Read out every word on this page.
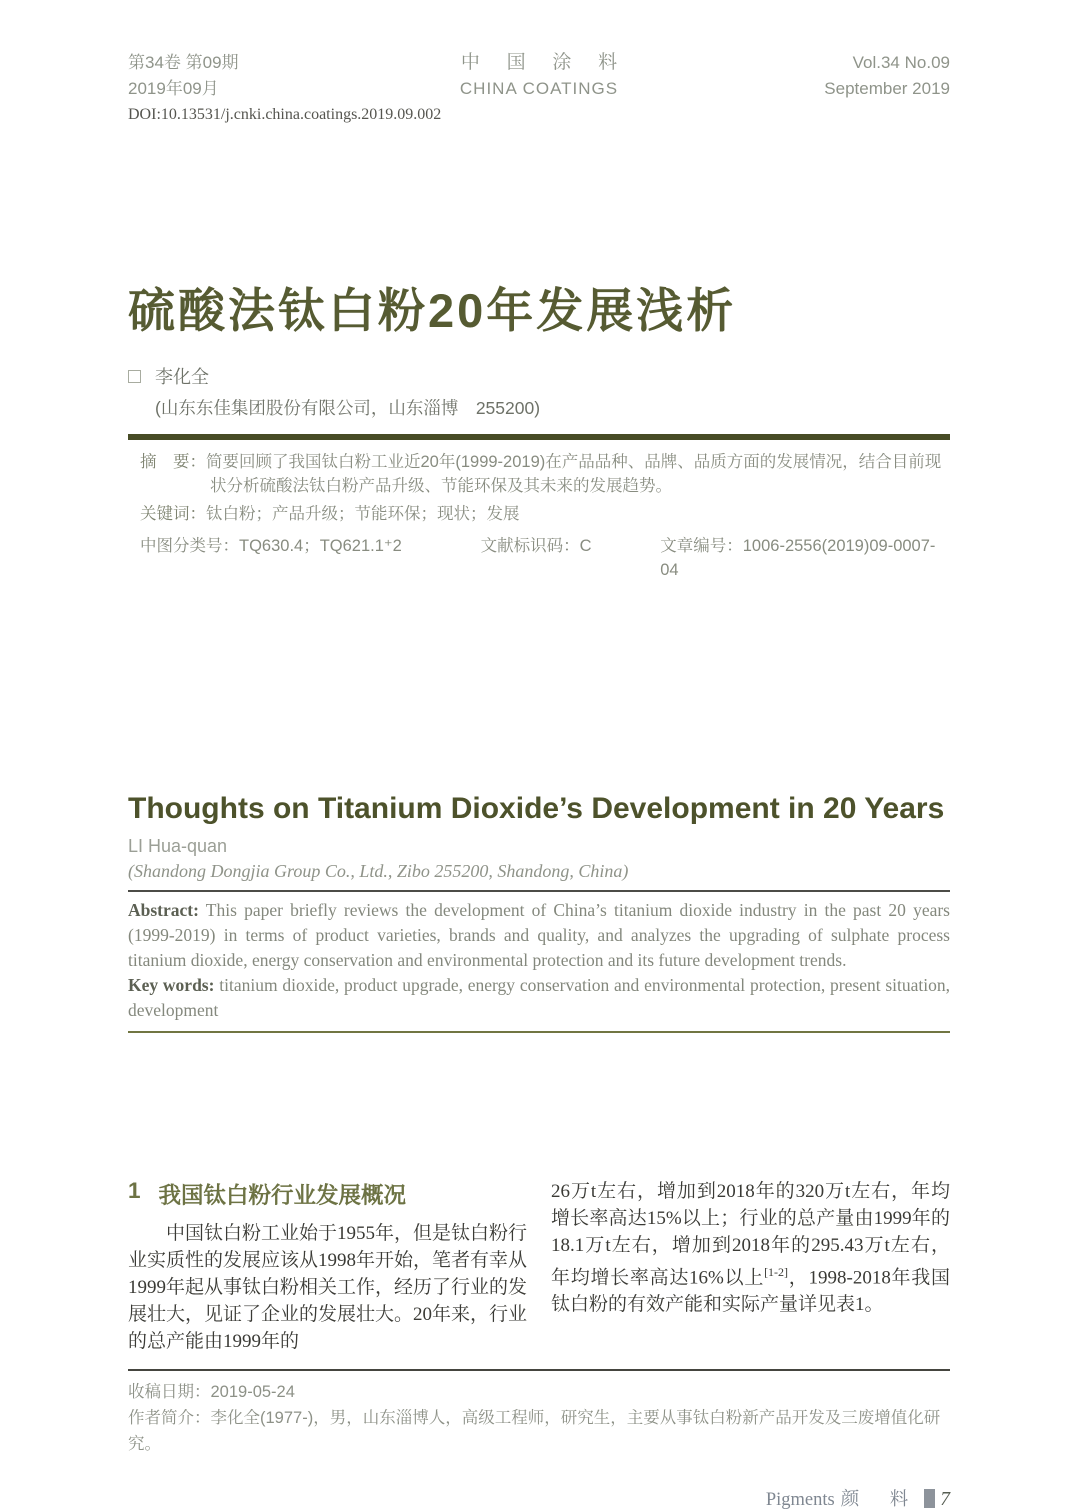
第34卷 第09期
2019年09月
中 国 涂 料
CHINA COATINGS
Vol.34 No.09
September 2019
DOI:10.13531/j.cnki.china.coatings.2019.09.002
硫酸法钛白粉20年发展浅析
李化全
(山东东佳集团股份有限公司，山东淄博　255200)
摘　要：简要回顾了我国钛白粉工业近20年(1999-2019)在产品品种、品牌、品质方面的发展情况，结合目前现状分析硫酸法钛白粉产品升级、节能环保及其未来的发展趋势。
关键词：钛白粉；产品升级；节能环保；现状；发展
中图分类号：TQ630.4；TQ621.1⁺2	文献标识码：C	文章编号：1006-2556(2019)09-0007-04
Thoughts on Titanium Dioxide’s Development in 20 Years
LI Hua-quan
(Shandong Dongjia Group Co., Ltd., Zibo 255200, Shandong, China)

Abstract: This paper briefly reviews the development of China’s titanium dioxide industry in the past 20 years (1999-2019) in terms of product varieties, brands and quality, and analyzes the upgrading of sulphate process titanium dioxide, energy conservation and environmental protection and its future development trends.

Key words: titanium dioxide, product upgrade, energy conservation and environmental protection, present situation, development

1 我国钛白粉行业发展概况

中国钛白粉工业始于1955年，但是钛白粉行业实质性的发展应该从1998年开始，笔者有幸从1999年起从事钛白粉相关工作，经历了行业的发展壮大，见证了企业的发展壮大。20年来，行业的总产能由1999年的

26万t左右，增加到2018年的320万t左右，年均增长率高达15%以上；行业的总产量由1999年的18.1万t左右，增加到2018年的295.43万t左右，年均增长率高达16%以上[1-2]，1998-2018年我国钛白粉的有效产能和实际产量详见表1。

收稿日期：2019-05-24
作者简介：李化全(1977-)，男，山东淄博人，高级工程师，研究生，主要从事钛白粉新产品开发及三废增值化研究。
Pigments 颜　料 7
